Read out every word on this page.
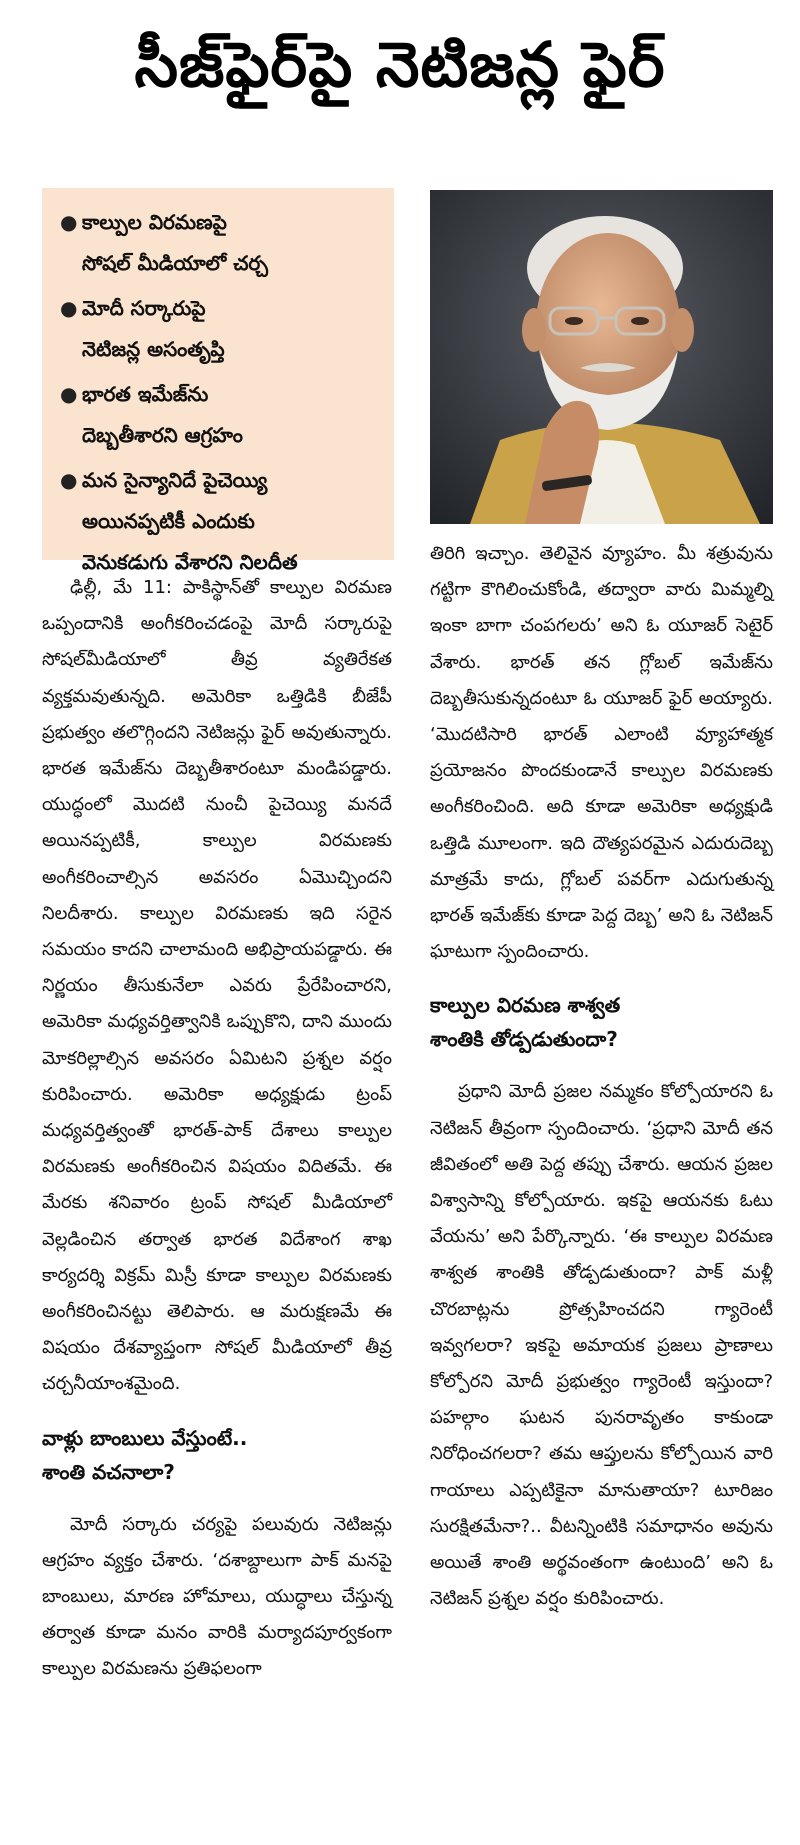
సీజ్‌ఫైర్‌పై నెటిజన్ల ఫైర్
● కాల్పుల విరమణపై
సోషల్ మీడియాలో చర్చ
● మోదీ సర్కారుపై
నెటిజన్ల అసంతృప్తి
● భారత ఇమేజ్‌ను
దెబ్బతీశారని ఆగ్రహం
● మన సైన్యానిదే పైచెయ్యి
అయినప్పటికీ ఎందుకు
వెనుకడుగు వేశారని నిలదీత

ఢిల్లీ, మే 11: పాకిస్థాన్‌తో కాల్పుల విరమణ ఒప్పందానికి అంగీకరించడంపై మోదీ సర్కారుపై సోషల్‌మీడియాలో తీవ్ర వ్యతిరేకత వ్యక్తమవుతున్నది. అమెరికా ఒత్తిడికి బీజేపీ ప్రభుత్వం తలొగ్గిందని నెటిజన్లు ఫైర్ అవుతున్నారు. భారత ఇమేజ్‌ను దెబ్బతీశారంటూ మండిపడ్డారు. యుద్ధంలో మొదటి నుంచీ పైచెయ్యి మనదే అయినప్పటికీ, కాల్పుల విరమణకు అంగీకరించాల్సిన అవసరం ఏమొచ్చిందని నిలదీశారు. కాల్పుల విరమణకు ఇది సరైన సమయం కాదని చాలామంది అభిప్రాయపడ్డారు. ఈ నిర్ణయం తీసుకునేలా ఎవరు ప్రేరేపించారని, అమెరికా మధ్యవర్తిత్వానికి ఒప్పుకొని, దాని ముందు మోకరిల్లాల్సిన అవసరం ఏమిటని ప్రశ్నల వర్షం కురిపించారు. అమెరికా అధ్యక్షుడు ట్రంప్ మధ్యవర్తిత్వంతో భారత్‌-పాక్ దేశాలు కాల్పుల విరమణకు అంగీకరించిన విషయం విదితమే. ఈ మేరకు శనివారం ట్రంప్ సోషల్ మీడియాలో వెల్లడించిన తర్వాత భారత విదేశాంగ శాఖ కార్యదర్శి విక్రమ్ మిస్రీ కూడా కాల్పుల విరమణకు అంగీకరించినట్టు తెలిపారు. ఆ మరుక్షణమే ఈ విషయం దేశవ్యాప్తంగా సోషల్ మీడియాలో తీవ్ర చర్చనీయాంశమైంది.

వాళ్లు బాంబులు వేస్తుంటే..
శాంతి వచనాలా?

మోదీ సర్కారు చర్యపై పలువురు నెటిజన్లు ఆగ్రహం వ్యక్తం చేశారు. ‘దశాబ్దాలుగా పాక్ మనపై బాంబులు, మారణ హోమాలు, యుద్ధాలు చేస్తున్న తర్వాత కూడా మనం వారికి మర్యాదపూర్వకంగా కాల్పుల విరమణను ప్రతిఫలంగా

తిరిగి ఇచ్చాం. తెలివైన వ్యూహం. మీ శత్రువును గట్టిగా కౌగిలించుకోండి, తద్వారా వారు మిమ్మల్ని ఇంకా బాగా చంపగలరు’ అని ఓ యూజర్ సెటైర్ వేశారు. భారత్ తన గ్లోబల్ ఇమేజ్‌ను దెబ్బతీసుకున్నదంటూ ఓ యూజర్ ఫైర్ అయ్యారు. ‘మొదటిసారి భారత్ ఎలాంటి వ్యూహాత్మక ప్రయోజనం పొందకుండానే కాల్పుల విరమణకు అంగీకరించింది. అది కూడా అమెరికా అధ్యక్షుడి ఒత్తిడి మూలంగా. ఇది దౌత్యపరమైన ఎదురుదెబ్బ మాత్రమే కాదు, గ్లోబల్ పవర్‌గా ఎదుగుతున్న భారత్ ఇమేజ్‌కు కూడా పెద్ద దెబ్బ’ అని ఓ నెటిజన్ ఘాటుగా స్పందించారు.

కాల్పుల విరమణ శాశ్వత
శాంతికి తోడ్పడుతుందా?

ప్రధాని మోదీ ప్రజల నమ్మకం కోల్పోయారని ఓ నెటిజన్ తీవ్రంగా స్పందించారు. ‘ప్రధాని మోదీ తన జీవితంలో అతి పెద్ద తప్పు చేశారు. ఆయన ప్రజల విశ్వాసాన్ని కోల్పోయారు. ఇకపై ఆయనకు ఓటు వేయను’ అని పేర్కొన్నారు. ‘ఈ కాల్పుల విరమణ శాశ్వత శాంతికి తోడ్పడుతుందా? పాక్ మళ్లీ చొరబాట్లను ప్రోత్సహించదని గ్యారెంటీ ఇవ్వగలరా? ఇకపై అమాయక ప్రజలు ప్రాణాలు కోల్పోరని మోదీ ప్రభుత్వం గ్యారెంటీ ఇస్తుందా? పహల్గాం ఘటన పునరావృతం కాకుండా నిరోధించగలరా? తమ ఆప్తులను కోల్పోయిన వారి గాయాలు ఎప్పటికైనా మానుతాయా? టూరిజం సురక్షితమేనా?.. వీటన్నింటికి సమాధానం అవును అయితే శాంతి అర్థవంతంగా ఉంటుంది’ అని ఓ నెటిజన్ ప్రశ్నల వర్షం కురిపించారు.
